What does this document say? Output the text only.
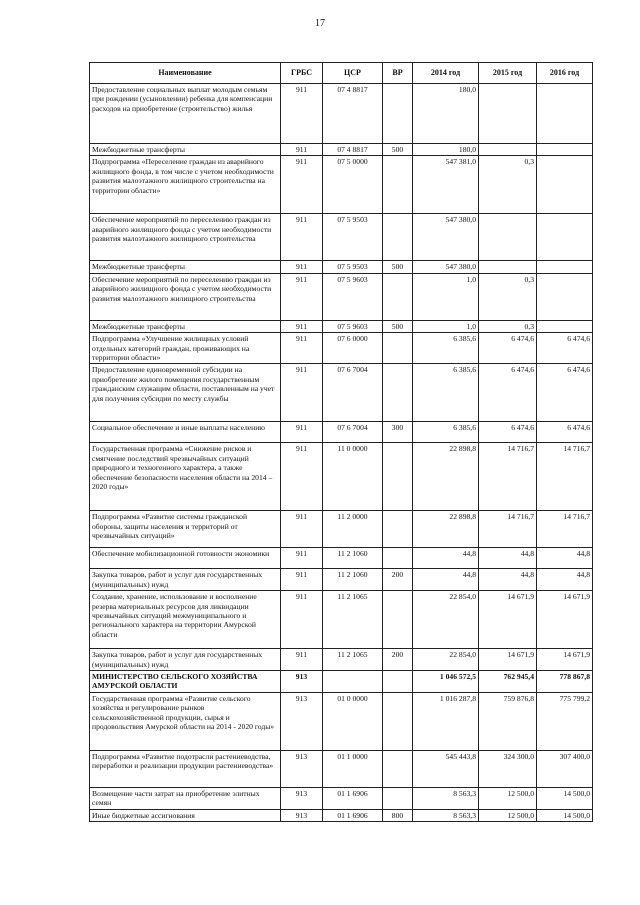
17
Наименование	ГРБС	ЦСР	ВР	2014 год	2015 год	2016 год
Предоставление социальных выплат молодым семьям при рождении (усыновлении) ребенка для компенсации расходов на приобретение (строительство) жилья	911	07 4 8817		180,0		
Межбюджетные трансферты	911	07 4 8817	500	180,0		
Подпрограмма «Переселение граждан из аварийного жилищного фонда, в том числе с учетом необходимости развития малоэтажного жилищного строительства на территории области»	911	07 5 0000		547 381,0	0,3	
Обеспечение мероприятий по переселению граждан из аварийного жилищного фонда с учетом необходимости развития малоэтажного жилищного строительства	911	07 5 9503		547 380,0		
Межбюджетные трансферты	911	07 5 9503	500	547 380,0		
Обеспечение мероприятий по переселению граждан из аварийного жилищного фонда с учетом необходимости развития малоэтажного жилищного строительства	911	07 5 9603		1,0	0,3	
Межбюджетные трансферты	911	07 5 9603	500	1,0	0,3	
Подпрограмма «Улучшение жилищных условий отдельных категорий граждан, проживающих на территории области»	911	07 6 0000		6 385,6	6 474,6	6 474,6
Предоставление единовременной субсидии на приобретение жилого помещения государственным гражданским служащим области, поставленным на учет для получения субсидии по месту службы	911	07 6 7004		6 385,6	6 474,6	6 474,6
Социальное обеспечение и иные выплаты населению	911	07 6 7004	300	6 385,6	6 474,6	6 474,6
Государственная программа «Снижение рисков и смягчение последствий чрезвычайных ситуаций природного и техногенного характера, а также обеспечение безопасности населения области на 2014 – 2020 годы»	911	11 0 0000		22 898,8	14 716,7	14 716,7
Подпрограмма «Развитие системы гражданской обороны, защиты населения и территорий от чрезвычайных ситуаций»	911	11 2 0000		22 898,8	14 716,7	14 716,7
Обеспечение мобилизационной готовности экономики	911	11 2 1060		44,8	44,8	44,8
Закупка товаров, работ и услуг для государственных (муниципальных) нужд	911	11 2 1060	200	44,8	44,8	44,8
Создание, хранение, использование и восполнение резерва материальных ресурсов для ликвидации чрезвычайных ситуаций межмуниципального и регионального характера на территории Амурской области	911	11 2 1065		22 854,0	14 671,9	14 671,9
Закупка товаров, работ и услуг для государственных (муниципальных) нужд	911	11 2 1065	200	22 854,0	14 671,9	14 671,9
МИНИСТЕРСТВО СЕЛЬСКОГО ХОЗЯЙСТВА АМУРСКОЙ ОБЛАСТИ	913			1 046 572,5	762 945,4	778 867,8
Государственная программа «Развитие сельского хозяйства и регулирование рынков сельскохозяйственной продукции, сырья и продовольствия Амурской области на 2014 - 2020 годы»	913	01 0 0000		1 016 287,8	759 876,8	775 799,2
Подпрограмма «Развитие подотрасли растениеводства, переработки и реализации продукции растениеводства»	913	01 1 0000		545 443,8	324 300,0	307 400,0
Возмещение части затрат на приобретение элитных семян	913	01 1 6906		8 563,3	12 500,0	14 500,0
Иные бюджетные ассигнования	913	01 1 6906	800	8 563,3	12 500,0	14 500,0
